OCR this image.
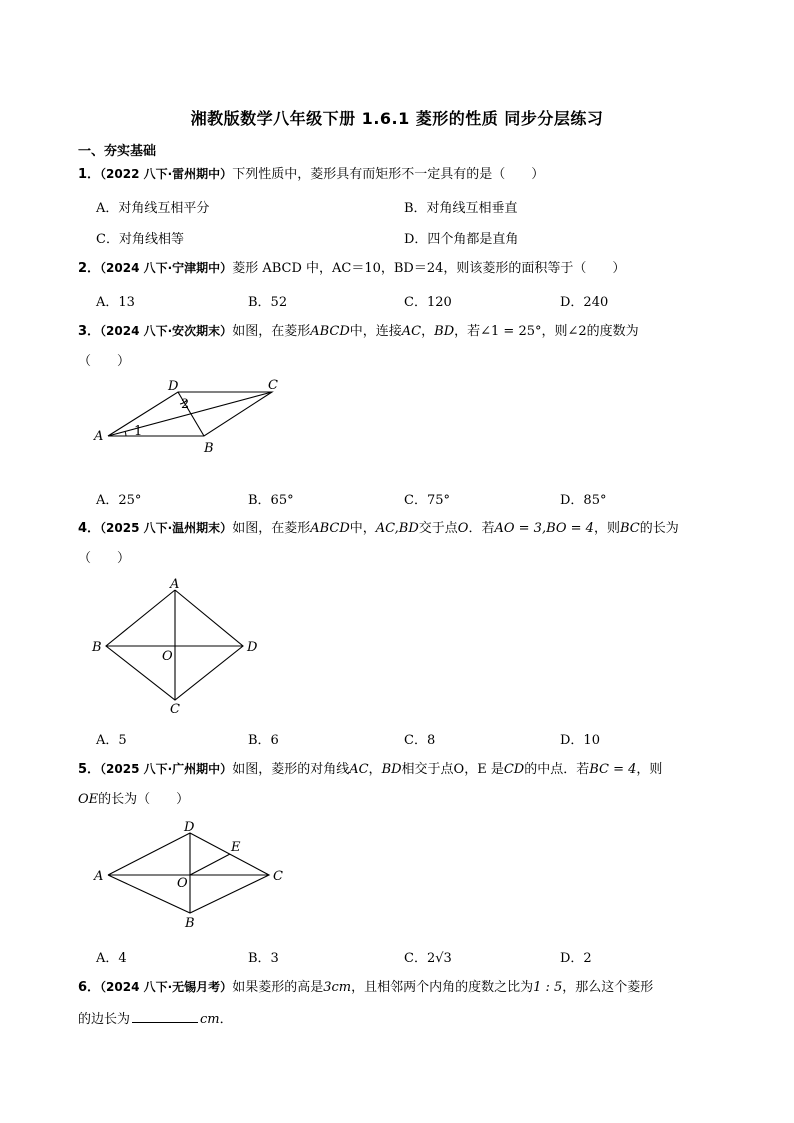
湘教版数学八年级下册 1.6.1 菱形的性质 同步分层练习
一、夯实基础
1．（2022 八下·雷州期中）下列性质中，菱形具有而矩形不一定具有的是（　　）
A．对角线互相平分	B．对角线互相垂直
C．对角线相等	D．四个角都是直角
2．（2024 八下·宁津期中）菱形 ABCD 中，AC＝10，BD＝24，则该菱形的面积等于（　　）
A．13	B．52	C．120	D．240
3．（2024 八下·安次期末）如图，在菱形ABCD中，连接AC，BD，若∠1 = 25°，则∠2的度数为
（　　）
D	C
A
B
1
2
A．25°	B．65°	C．75°	D．85°
4．（2025 八下·温州期末）如图，在菱形ABCD中，AC,BD交于点O．若AO = 3,BO = 4，则BC的长为
（　　）
A
B	D
C
O
A．5	B．6	C．8	D．10
5．（2025 八下·广州期中）如图，菱形的对角线AC，BD相交于点O，E 是CD的中点．若BC = 4，则
OE的长为（　　）
D
A	C
B
E
O
A．4	B．3	C．2√3	D．2
6．（2024 八下·无锡月考）如果菱形的高是3cm，且相邻两个内角的度数之比为1 : 5，那么这个菱形
的边长为	cm．
